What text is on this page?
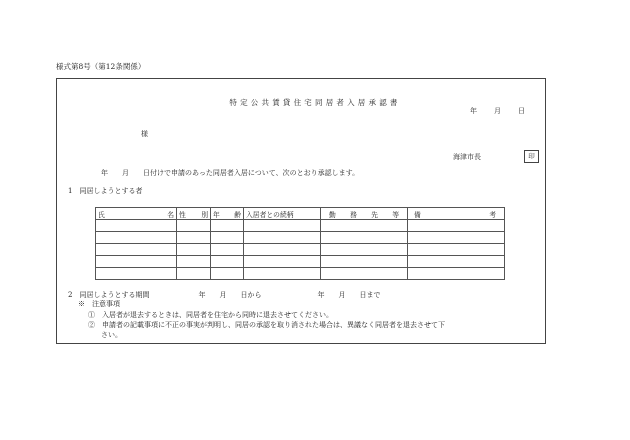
様式第8号（第12条関係）
特定公共賃貸住宅同居者入居承認書
年 月 日
様
海津市長	印
年　　月　　日付けで申請のあった同居者入居について、次のとおり承認します。
1　同居しようとする者
氏 名	性 別	年 齢	入居者との続柄	勤 務 先 等	備 考

2　同居しようとする期間　　　　　　　年　　月　　日から　　　　　　　　年　　月　　日まで
※　注意事項
①　入居者が退去するときは、同居者を住宅から同時に退去させてください。
②　申請者の記載事項に不正の事実が判明し、同居の承認を取り消された場合は、異議なく同居者を退去させて下
さい。
